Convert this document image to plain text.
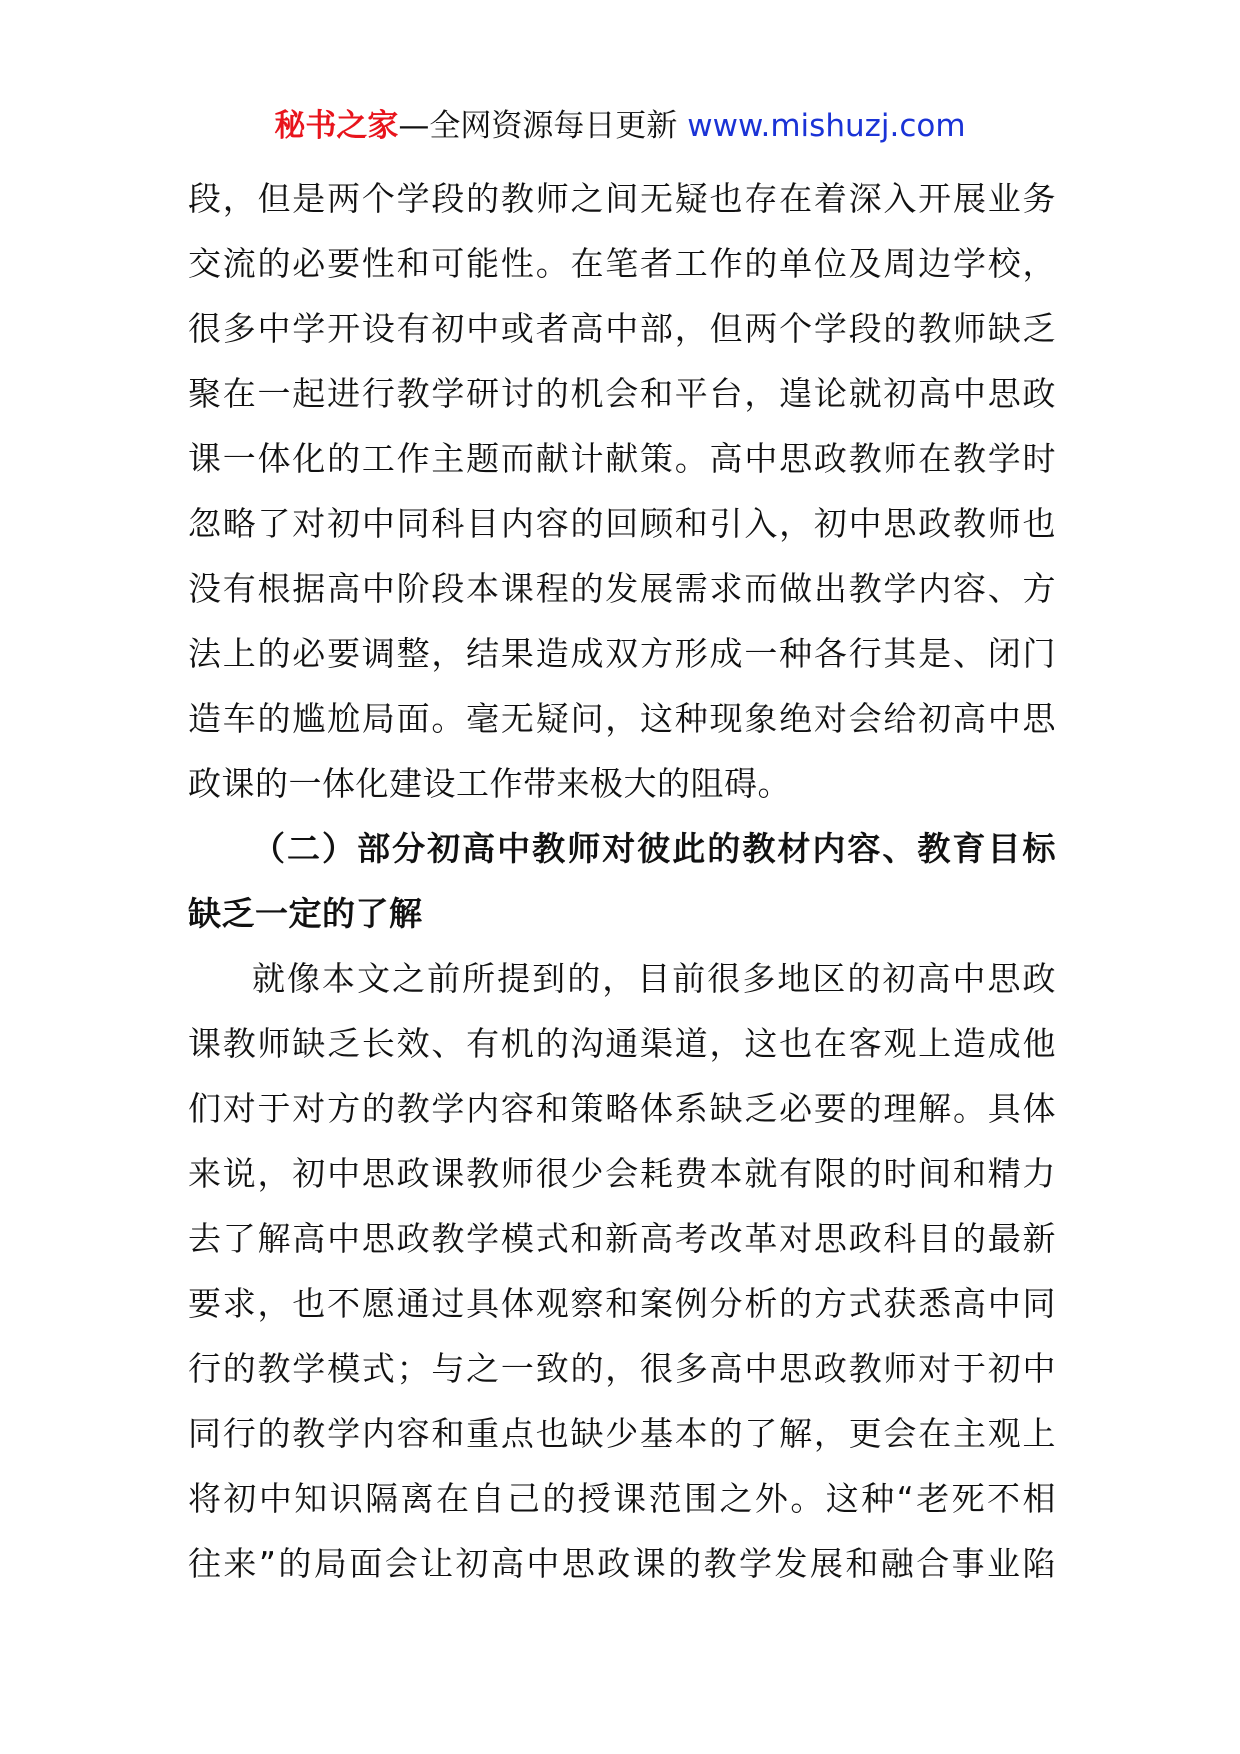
秘书之家—全网资源每日更新 www.mishuzj.com
段，但是两个学段的教师之间无疑也存在着深入开展业务
交流的必要性和可能性。在笔者工作的单位及周边学校，
很多中学开设有初中或者高中部，但两个学段的教师缺乏
聚在一起进行教学研讨的机会和平台，遑论就初高中思政
课一体化的工作主题而献计献策。高中思政教师在教学时
忽略了对初中同科目内容的回顾和引入，初中思政教师也
没有根据高中阶段本课程的发展需求而做出教学内容、方
法上的必要调整，结果造成双方形成一种各行其是、闭门
造车的尴尬局面。毫无疑问，这种现象绝对会给初高中思
政课的一体化建设工作带来极大的阻碍。
（二）部分初高中教师对彼此的教材内容、教育目标
缺乏一定的了解
就像本文之前所提到的，目前很多地区的初高中思政
课教师缺乏长效、有机的沟通渠道，这也在客观上造成他
们对于对方的教学内容和策略体系缺乏必要的理解。具体
来说，初中思政课教师很少会耗费本就有限的时间和精力
去了解高中思政教学模式和新高考改革对思政科目的最新
要求，也不愿通过具体观察和案例分析的方式获悉高中同
行的教学模式；与之一致的，很多高中思政教师对于初中
同行的教学内容和重点也缺少基本的了解，更会在主观上
将初中知识隔离在自己的授课范围之外。这种“老死不相
往来”的局面会让初高中思政课的教学发展和融合事业陷
